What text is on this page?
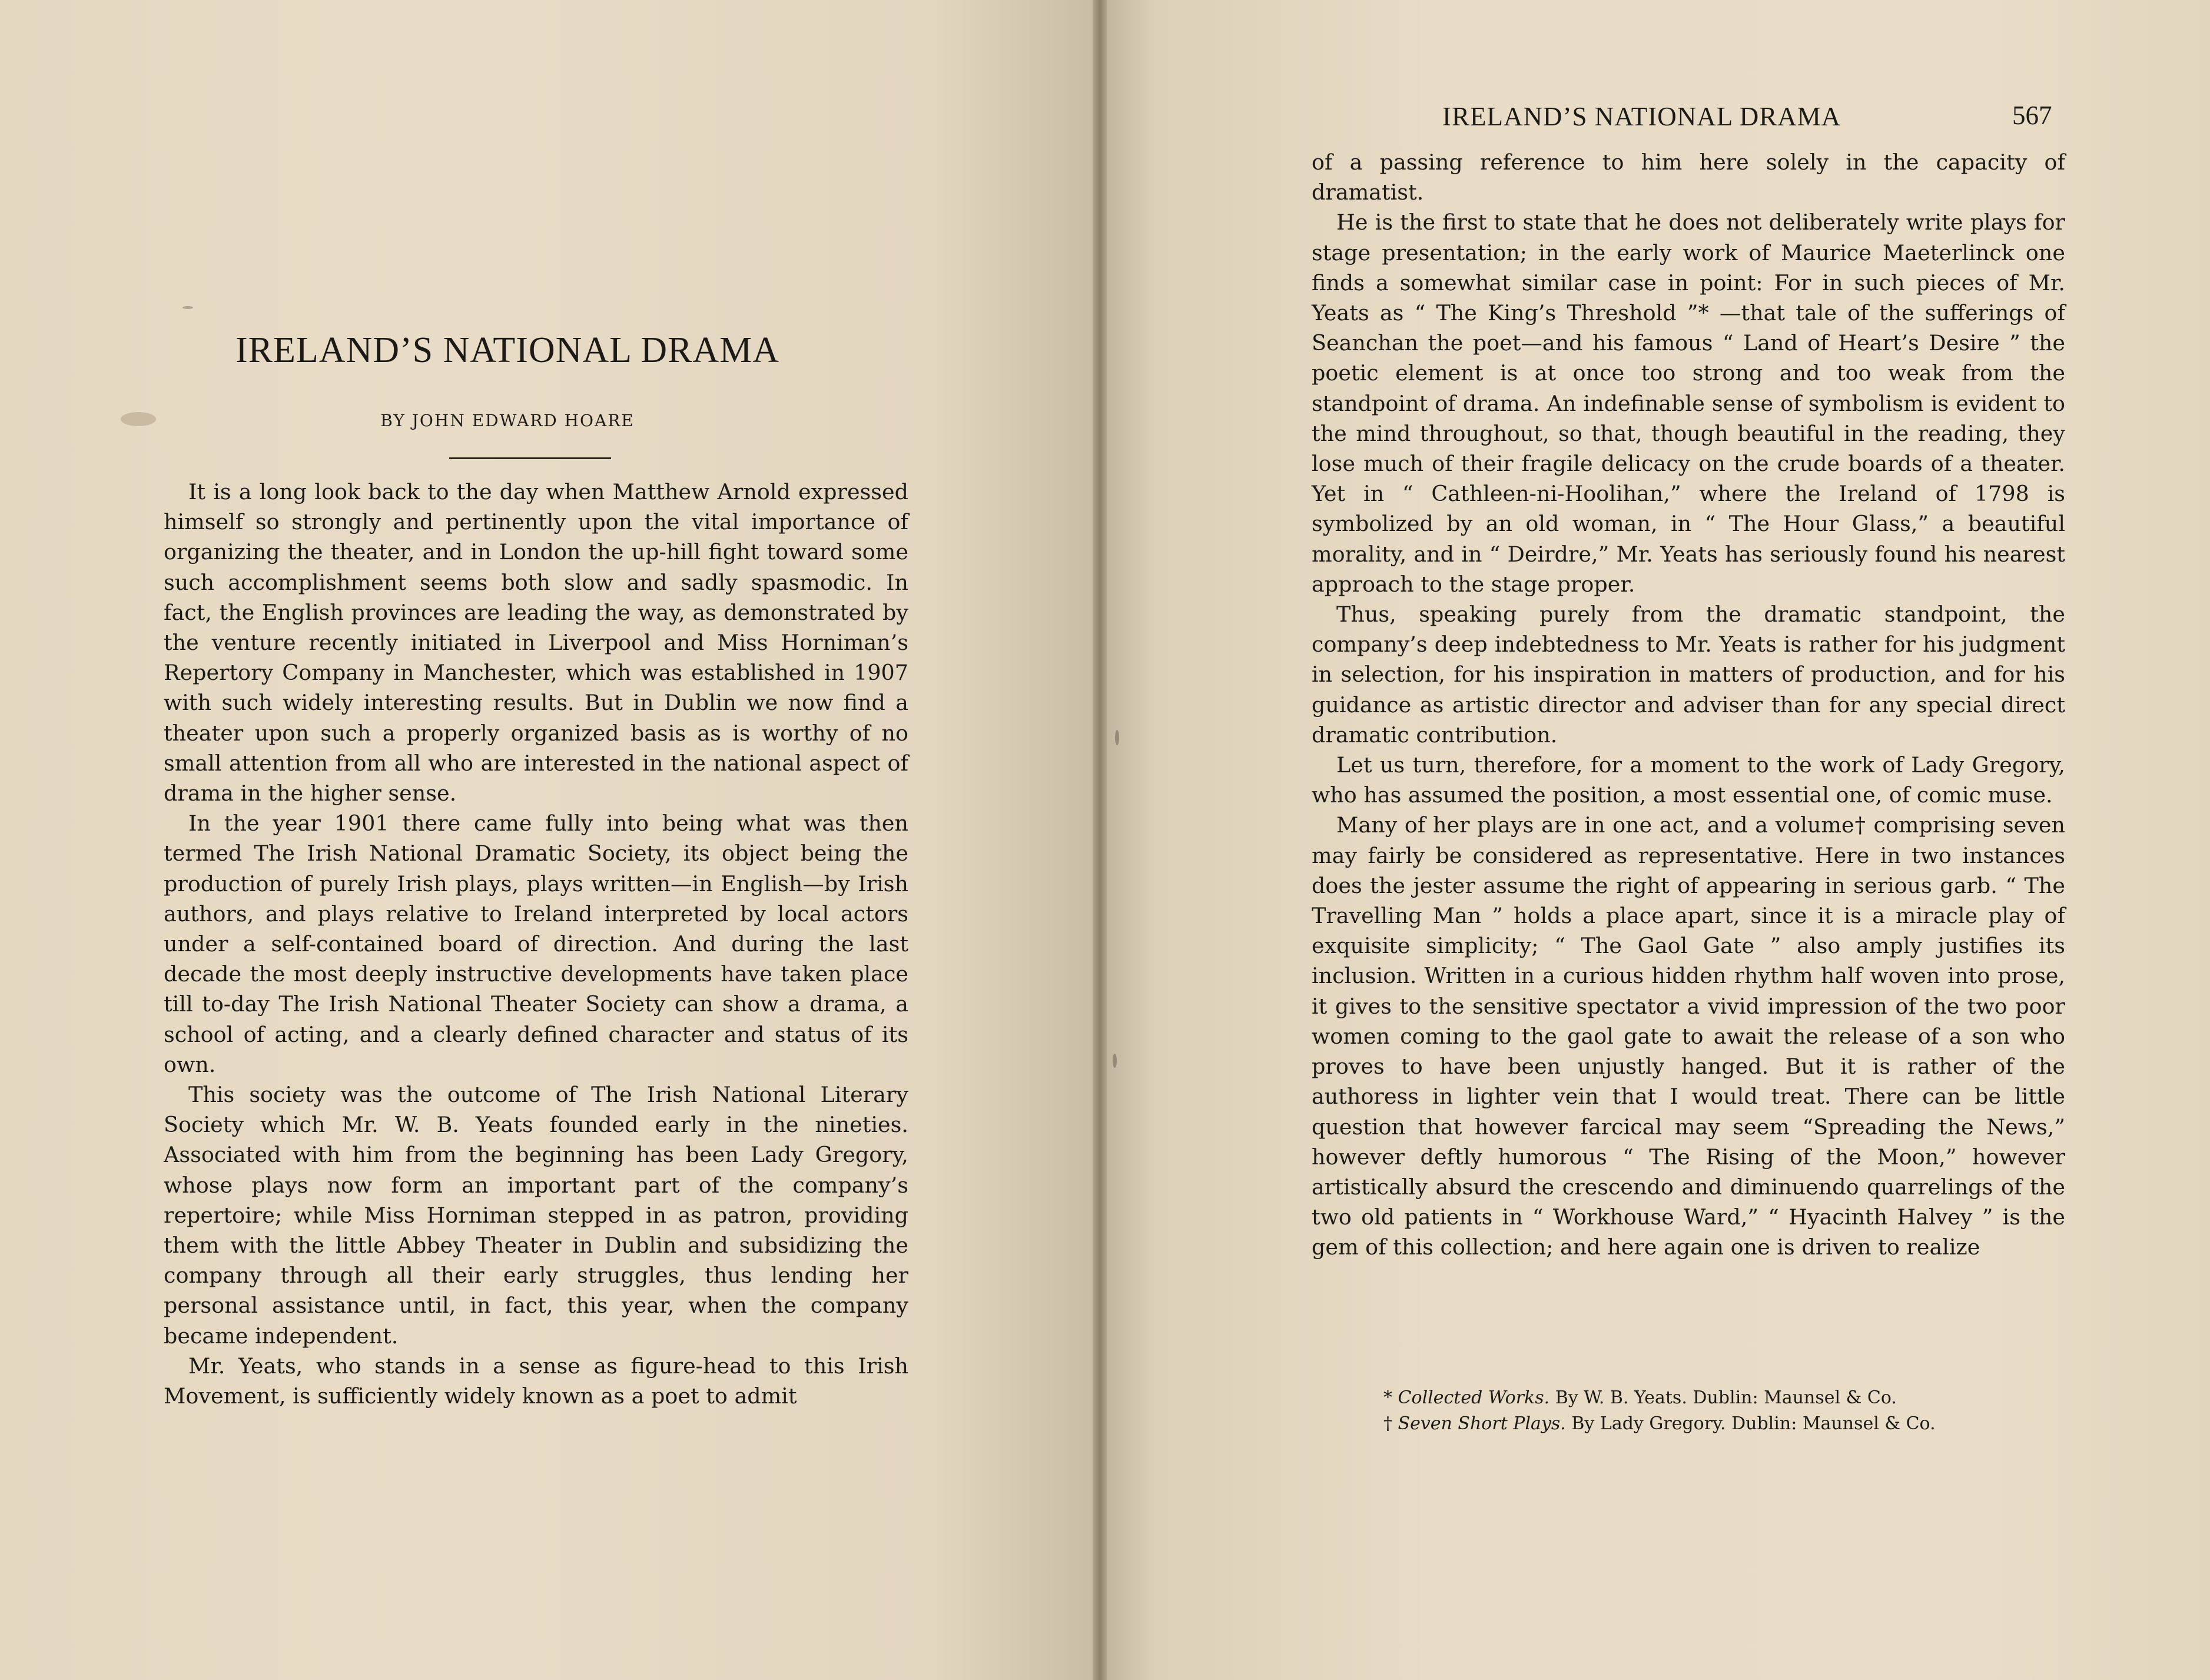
IRELAND’S NATIONAL DRAMA
BY JOHN EDWARD HOARE

It is a long look back to the day when Matthew Arnold expressed himself so strongly and pertinently upon the vital importance of organizing the theater, and in London the up-hill fight toward some such accomplishment seems both slow and sadly spasmodic. In fact, the English provinces are leading the way, as demonstrated by the venture recently initiated in Liverpool and Miss Horniman’s Repertory Company in Manchester, which was established in 1907 with such widely interesting results. But in Dublin we now find a theater upon such a properly organized basis as is worthy of no small attention from all who are interested in the national aspect of drama in the higher sense.

In the year 1901 there came fully into being what was then termed The Irish National Dramatic Society, its object being the production of purely Irish plays, plays written—in English—by Irish authors, and plays relative to Ireland interpreted by local actors under a self-contained board of direction. And during the last decade the most deeply instructive developments have taken place till to-day The Irish National Theater Society can show a drama, a school of acting, and a clearly defined character and status of its own.

This society was the outcome of The Irish National Literary Society which Mr. W. B. Yeats founded early in the nineties. Associated with him from the beginning has been Lady Gregory, whose plays now form an important part of the company’s repertoire; while Miss Horniman stepped in as patron, providing them with the little Abbey Theater in Dublin and subsidizing the company through all their early struggles, thus lending her personal assistance until, in fact, this year, when the company became independent.

Mr. Yeats, who stands in a sense as figure-head to this Irish Movement, is sufficiently widely known as a poet to admit

IRELAND’S NATIONAL DRAMA	567

of a passing reference to him here solely in the capacity of dramatist.

He is the first to state that he does not deliberately write plays for stage presentation; in the early work of Maurice Maeterlinck one finds a somewhat similar case in point: For in such pieces of Mr. Yeats as “ The King’s Threshold ”* —that tale of the sufferings of Seanchan the poet—and his famous “ Land of Heart’s Desire ” the poetic element is at once too strong and too weak from the standpoint of drama. An indefinable sense of symbolism is evident to the mind throughout, so that, though beautiful in the reading, they lose much of their fragile delicacy on the crude boards of a theater. Yet in “ Cathleen-ni-Hoolihan,” where the Ireland of 1798 is symbolized by an old woman, in “ The Hour Glass,” a beautiful morality, and in “ Deirdre,” Mr. Yeats has seriously found his nearest approach to the stage proper.

Thus, speaking purely from the dramatic standpoint, the company’s deep indebtedness to Mr. Yeats is rather for his judgment in selection, for his inspiration in matters of production, and for his guidance as artistic director and adviser than for any special direct dramatic contribution.

Let us turn, therefore, for a moment to the work of Lady Gregory, who has assumed the position, a most essential one, of comic muse.

Many of her plays are in one act, and a volume† comprising seven may fairly be considered as representative. Here in two instances does the jester assume the right of appearing in serious garb. “ The Travelling Man ” holds a place apart, since it is a miracle play of exquisite simplicity; “ The Gaol Gate ” also amply justifies its inclusion. Written in a curious hidden rhythm half woven into prose, it gives to the sensitive spectator a vivid impression of the two poor women coming to the gaol gate to await the release of a son who proves to have been unjustly hanged. But it is rather of the authoress in lighter vein that I would treat. There can be little question that however farcical may seem “Spreading the News,” however deftly humorous “ The Rising of the Moon,” however artistically absurd the crescendo and diminuendo quarrelings of the two old patients in “ Workhouse Ward,” “ Hyacinth Halvey ” is the gem of this collection; and here again one is driven to realize

* Collected Works. By W. B. Yeats. Dublin: Maunsel & Co.
† Seven Short Plays. By Lady Gregory. Dublin: Maunsel & Co.
